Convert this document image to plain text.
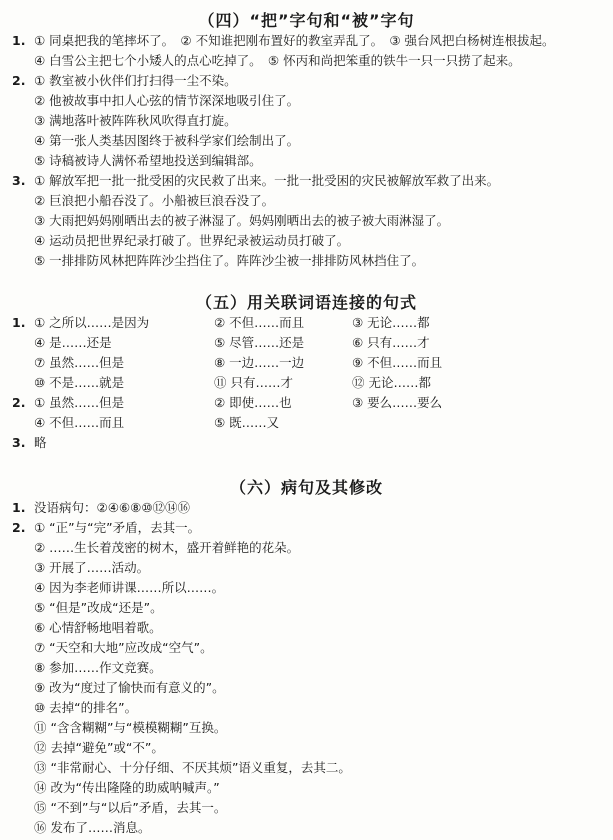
（四）“把”字句和“被”字句
1. ① 同桌把我的笔摔坏了。　② 不知谁把刚布置好的教室弄乱了。　③ 强台风把白杨树连根拔起。
④ 白雪公主把七个小矮人的点心吃掉了。　⑤ 怀丙和尚把笨重的铁牛一只一只捞了起来。
2. ① 教室被小伙伴们打扫得一尘不染。
② 他被故事中扣人心弦的情节深深地吸引住了。
③ 满地落叶被阵阵秋风吹得直打旋。
④ 第一张人类基因图终于被科学家们绘制出了。
⑤ 诗稿被诗人满怀希望地投送到编辑部。
3. ① 解放军把一批一批受困的灾民救了出来。一批一批受困的灾民被解放军救了出来。
② 巨浪把小船吞没了。小船被巨浪吞没了。
③ 大雨把妈妈刚晒出去的被子淋湿了。妈妈刚晒出去的被子被大雨淋湿了。
④ 运动员把世界纪录打破了。世界纪录被运动员打破了。
⑤ 一排排防风林把阵阵沙尘挡住了。阵阵沙尘被一排排防风林挡住了。
（五）用关联词语连接的句式
1. ① 之所以……是因为	② 不但……而且	③ 无论……都
④ 是……还是	⑤ 尽管……还是	⑥ 只有……才
⑦ 虽然……但是	⑧ 一边……一边	⑨ 不但……而且
⑩ 不是……就是	⑪ 只有……才	⑫ 无论……都
2. ① 虽然……但是	② 即使……也	③ 要么……要么
④ 不但……而且	⑤ 既……又
3. 略
（六）病句及其修改
1. 没语病句：②④⑥⑧⑩⑫⑭⑯
2. ① “正”与“完”矛盾，去其一。
② ……生长着茂密的树木，盛开着鲜艳的花朵。
③ 开展了……活动。
④ 因为李老师讲课……所以……。
⑤ “但是”改成“还是”。
⑥ 心情舒畅地唱着歌。
⑦ “天空和大地”应改成“空气”。
⑧ 参加……作文竞赛。
⑨ 改为“度过了愉快而有意义的”。
⑩ 去掉“的排名”。
⑪ “含含糊糊”与“模模糊糊”互换。
⑫ 去掉“避免”或“不”。
⑬ “非常耐心、十分仔细、不厌其烦”语义重复，去其二。
⑭ 改为“传出隆隆的助威呐喊声。”
⑮ “不到”与“以后”矛盾，去其一。
⑯ 发布了……消息。
